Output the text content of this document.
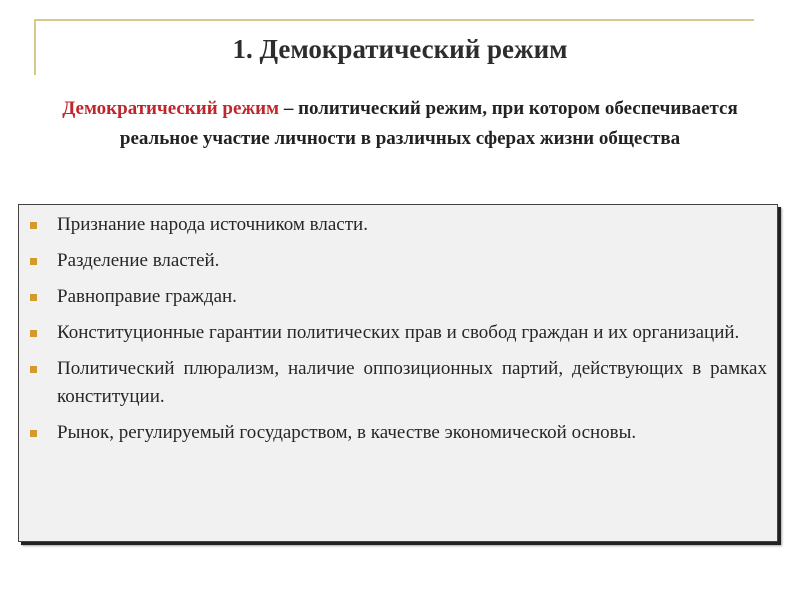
1. Демократический режим
Демократический режим – политический режим, при котором обеспечивается реальное участие личности в различных сферах жизни общества
Признание народа источником власти.
Разделение властей.
Равноправие граждан.
Конституционные гарантии политических прав и свобод граждан и их организаций.
Политический плюрализм, наличие оппозиционных партий, действующих в рамках конституции.
Рынок, регулируемый государством, в качестве экономической основы.
